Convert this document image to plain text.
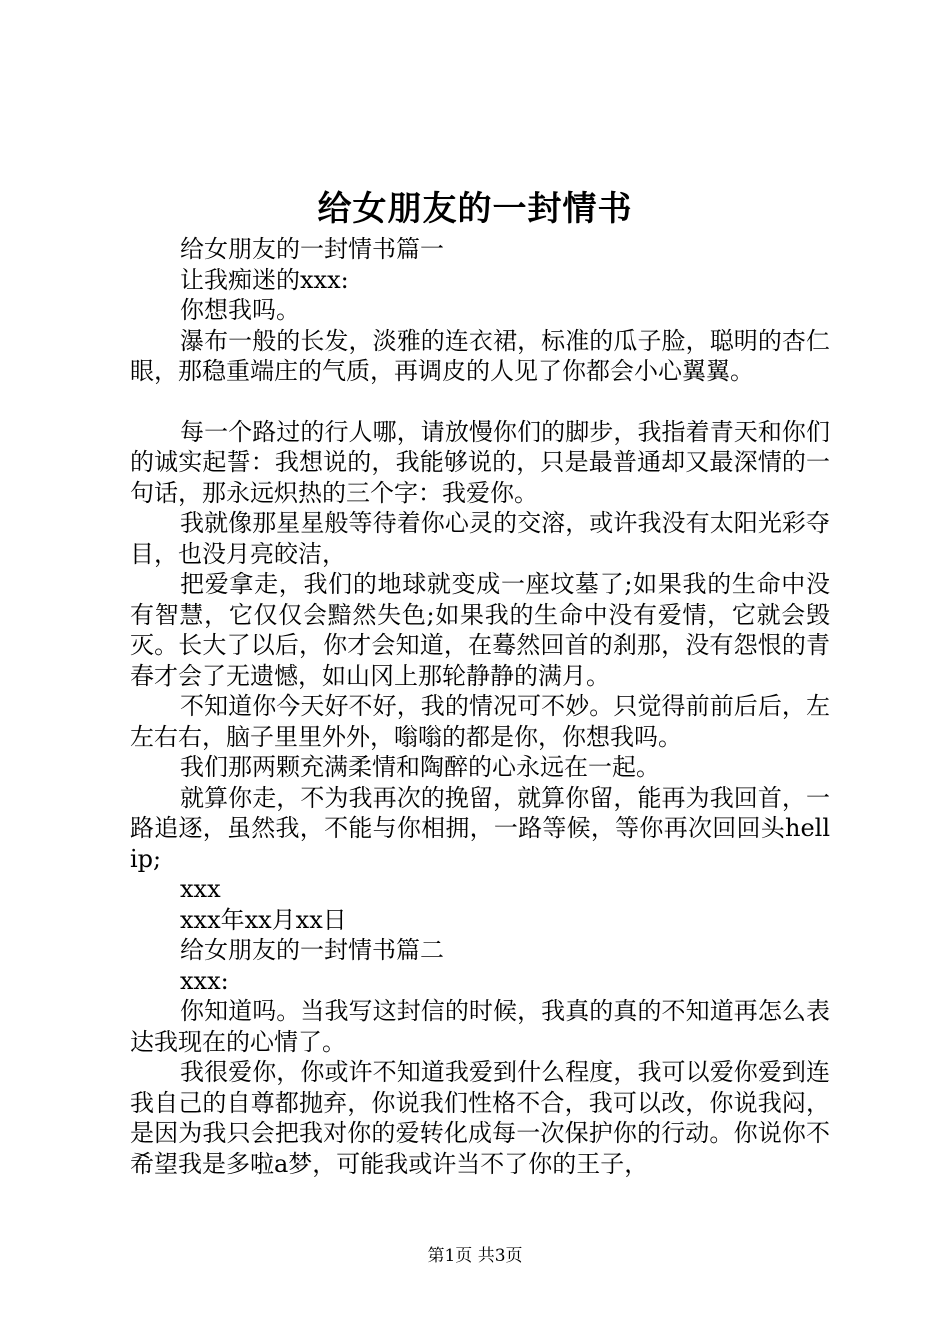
给女朋友的一封情书

给女朋友的一封情书篇一

让我痴迷的xxx:

你想我吗。

瀑布一般的长发，淡雅的连衣裙，标准的瓜子脸，聪明的杏仁眼，那稳重端庄的气质，再调皮的人见了你都会小心翼翼。

每一个路过的行人哪，请放慢你们的脚步，我指着青天和你们的诚实起誓：我想说的，我能够说的，只是最普通却又最深情的一句话，那永远炽热的三个字：我爱你。

我就像那星星般等待着你心灵的交溶，或许我没有太阳光彩夺目，也没月亮皎洁，

把爱拿走，我们的地球就变成一座坟墓了;如果我的生命中没有智慧，它仅仅会黯然失色;如果我的生命中没有爱情，它就会毁灭。长大了以后，你才会知道，在蓦然回首的刹那，没有怨恨的青春才会了无遗憾，如山冈上那轮静静的满月。

不知道你今天好不好，我的情况可不妙。只觉得前前后后，左左右右，脑子里里外外，嗡嗡的都是你，你想我吗。

我们那两颗充满柔情和陶醉的心永远在一起。

就算你走，不为我再次的挽留，就算你留，能再为我回首，一路追逐，虽然我，不能与你相拥，一路等候，等你再次回回头hellip;

xxx

xxx年xx月xx日

给女朋友的一封情书篇二

xxx:

你知道吗。当我写这封信的时候，我真的真的不知道再怎么表达我现在的心情了。

我很爱你，你或许不知道我爱到什么程度，我可以爱你爱到连我自己的自尊都抛弃，你说我们性格不合，我可以改，你说我闷，是因为我只会把我对你的爱转化成每一次保护你的行动。你说你不希望我是多啦a梦，可能我或许当不了你的王子，

第1页 共3页
